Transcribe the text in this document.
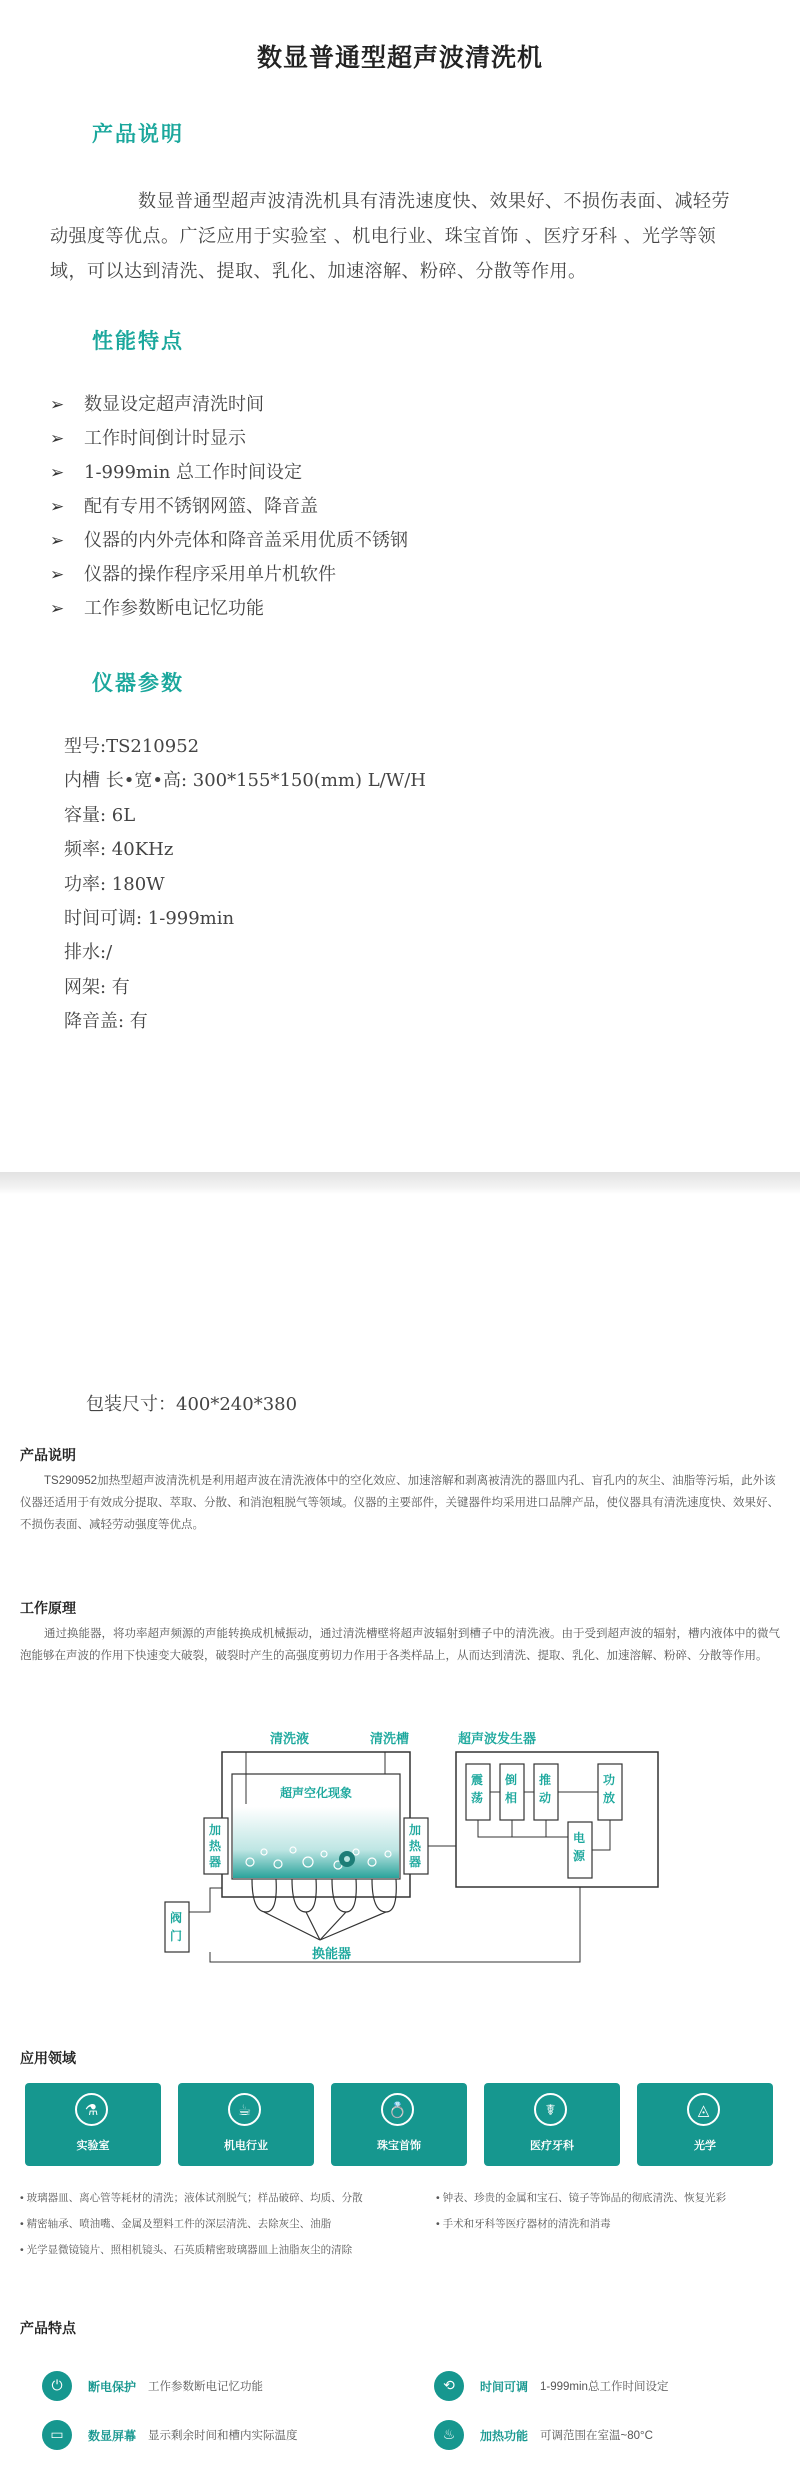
数显普通型超声波清洗机
产品说明
数显普通型超声波清洗机具有清洗速度快、效果好、不损伤表面、减轻劳动强度等优点。广泛应用于实验室 、机电行业、珠宝首饰 、医疗牙科 、光学等领域，可以达到清洗、提取、乳化、加速溶解、粉碎、分散等作用。
性能特点
➢ 数显设定超声清洗时间
➢ 工作时间倒计时显示
➢ 1-999min 总工作时间设定
➢ 配有专用不锈钢网篮、降音盖
➢ 仪器的内外壳体和降音盖采用优质不锈钢
➢ 仪器的操作程序采用单片机软件
➢ 工作参数断电记忆功能
仪器参数
型号:TS210952
内槽 长•宽•高: 300*155*150(mm) L/W/H
容量: 6L
频率: 40KHz
功率: 180W
时间可调: 1-999min
排水:/
网架: 有
降音盖: 有
包装尺寸：400*240*380
产品说明
TS290952加热型超声波清洗机是利用超声波在清洗液体中的空化效应、加速溶解和剥离被清洗的器皿内孔、盲孔内的灰尘、油脂等污垢，此外该仪器还适用于有效成分提取、萃取、分散、和消泡粗脱气等领域。仪器的主要部件，关键器件均采用进口品牌产品，使仪器具有清洗速度快、效果好、不损伤表面、减轻劳动强度等优点。
工作原理
通过换能器，将功率超声频源的声能转换成机械振动，通过清洗槽壁将超声波辐射到槽子中的清洗液。由于受到超声波的辐射，槽内液体中的微气泡能够在声波的作用下快速变大破裂，破裂时产生的高强度剪切力作用于各类样品上，从而达到清洗、提取、乳化、加速溶解、粉碎、分散等作用。
清洗液	清洗槽
超声空化现象
加
热
器
加
热
器
换能器
阀
门
超声波发生器
震
荡
倒
相
推
动
功
放
电
源
应用领域
⚗
实验室
☕
机电行业
💍
珠宝首饰
☤
医疗牙科
◬
光学
• 玻璃器皿、离心管等耗材的清洗；液体试剂脱气；样品破碎、均质、分散
• 精密轴承、喷油嘴、金属及塑料工件的深层清洗、去除灰尘、油脂
• 光学显微镜镜片、照相机镜头、石英质精密玻璃器皿上油脂灰尘的清除
• 钟表、珍贵的金属和宝石、镜子等饰品的彻底清洗、恢复光彩
• 手术和牙科等医疗器材的清洗和消毒
产品特点
⏻	断电保护 工作参数断电记忆功能	⟲	时间可调 1-999min总工作时间设定
▭	数显屏幕 显示剩余时间和槽内实际温度	♨	加热功能 可调范围在室温~80°C
